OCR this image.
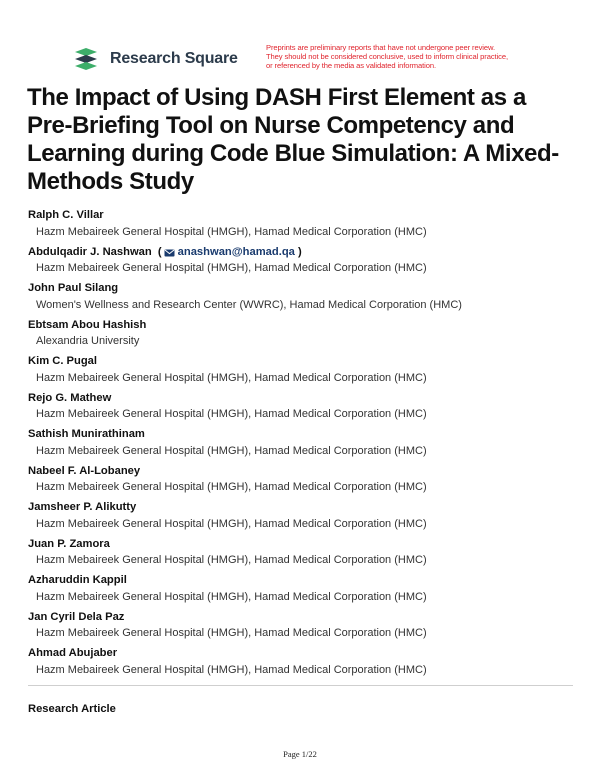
Research Square
Preprints are preliminary reports that have not undergone peer review.
They should not be considered conclusive, used to inform clinical practice,
or referenced by the media as validated information.
The Impact of Using DASH First Element as a Pre-Briefing Tool on Nurse Competency and Learning during Code Blue Simulation: A Mixed-Methods Study
Ralph C. Villar
Hazm Mebaireek General Hospital (HMGH), Hamad Medical Corporation (HMC)
Abdulqadir J. Nashwan ( anashwan@hamad.qa )
Hazm Mebaireek General Hospital (HMGH), Hamad Medical Corporation (HMC)
John Paul Silang
Women's Wellness and Research Center (WWRC), Hamad Medical Corporation (HMC)
Ebtsam Abou Hashish
Alexandria University
Kim C. Pugal
Hazm Mebaireek General Hospital (HMGH), Hamad Medical Corporation (HMC)
Rejo G. Mathew
Hazm Mebaireek General Hospital (HMGH), Hamad Medical Corporation (HMC)
Sathish Munirathinam
Hazm Mebaireek General Hospital (HMGH), Hamad Medical Corporation (HMC)
Nabeel F. Al-Lobaney
Hazm Mebaireek General Hospital (HMGH), Hamad Medical Corporation (HMC)
Jamsheer P. Alikutty
Hazm Mebaireek General Hospital (HMGH), Hamad Medical Corporation (HMC)
Juan P. Zamora
Hazm Mebaireek General Hospital (HMGH), Hamad Medical Corporation (HMC)
Azharuddin Kappil
Hazm Mebaireek General Hospital (HMGH), Hamad Medical Corporation (HMC)
Jan Cyril Dela Paz
Hazm Mebaireek General Hospital (HMGH), Hamad Medical Corporation (HMC)
Ahmad Abujaber
Hazm Mebaireek General Hospital (HMGH), Hamad Medical Corporation (HMC)
Research Article
Page 1/22
